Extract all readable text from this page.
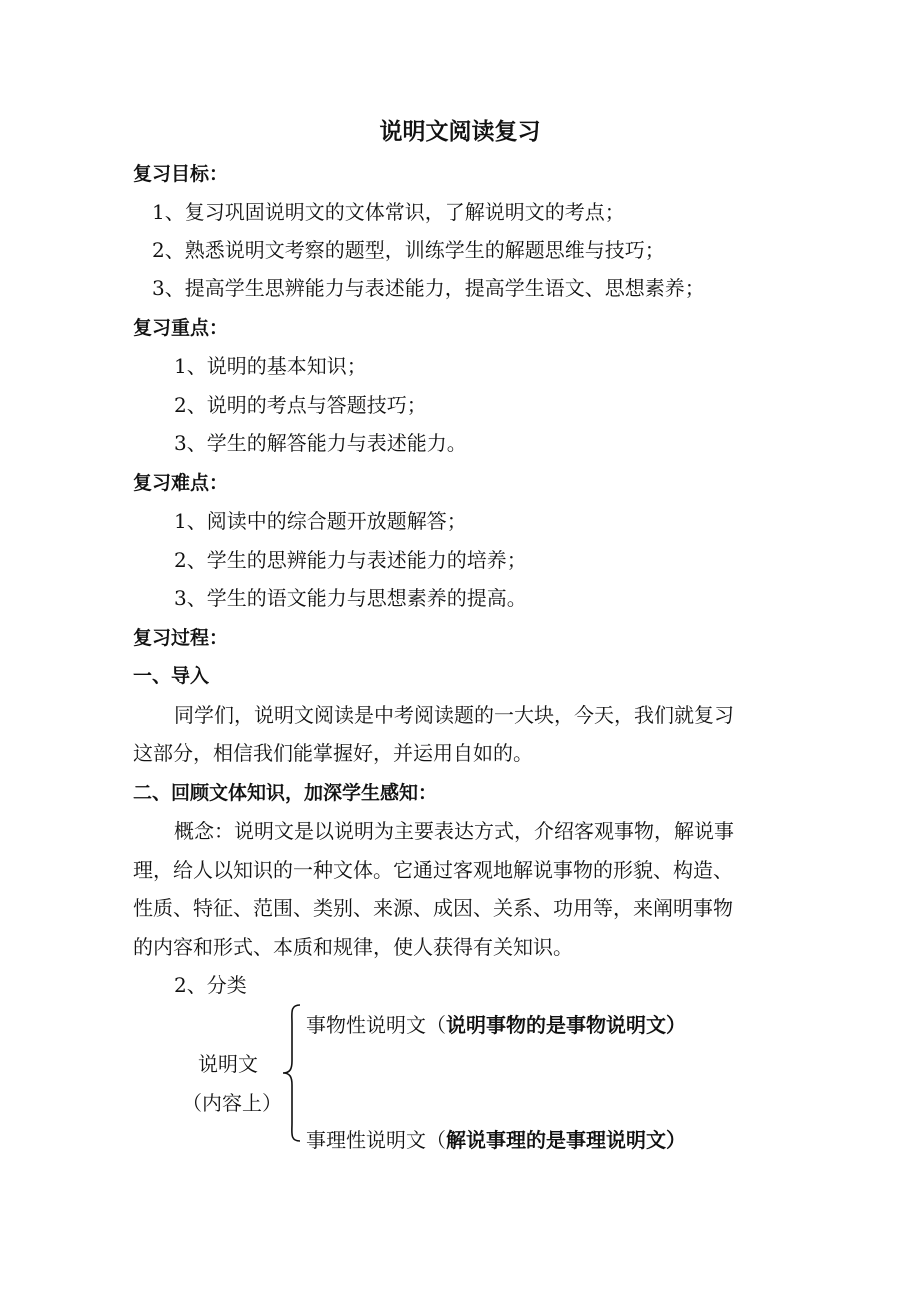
说明文阅读复习
复习目标：
1、复习巩固说明文的文体常识，了解说明文的考点；
2、熟悉说明文考察的题型，训练学生的解题思维与技巧；
3、提高学生思辨能力与表述能力，提高学生语文、思想素养；
复习重点：
1、说明的基本知识；
2、说明的考点与答题技巧；
3、学生的解答能力与表述能力。
复习难点：
1、阅读中的综合题开放题解答；
2、学生的思辨能力与表述能力的培养；
3、学生的语文能力与思想素养的提高。
复习过程：
一、导入
同学们，说明文阅读是中考阅读题的一大块，今天，我们就复习
这部分，相信我们能掌握好，并运用自如的。
二、回顾文体知识，加深学生感知：
概念：说明文是以说明为主要表达方式，介绍客观事物，解说事
理，给人以知识的一种文体。它通过客观地解说事物的形貌、构造、
性质、特征、范围、类别、来源、成因、关系、功用等，来阐明事物
的内容和形式、本质和规律，使人获得有关知识。
2、分类
说明文
（内容上）
事物性说明文（说明事物的是事物说明文）
事理性说明文（解说事理的是事理说明文）
